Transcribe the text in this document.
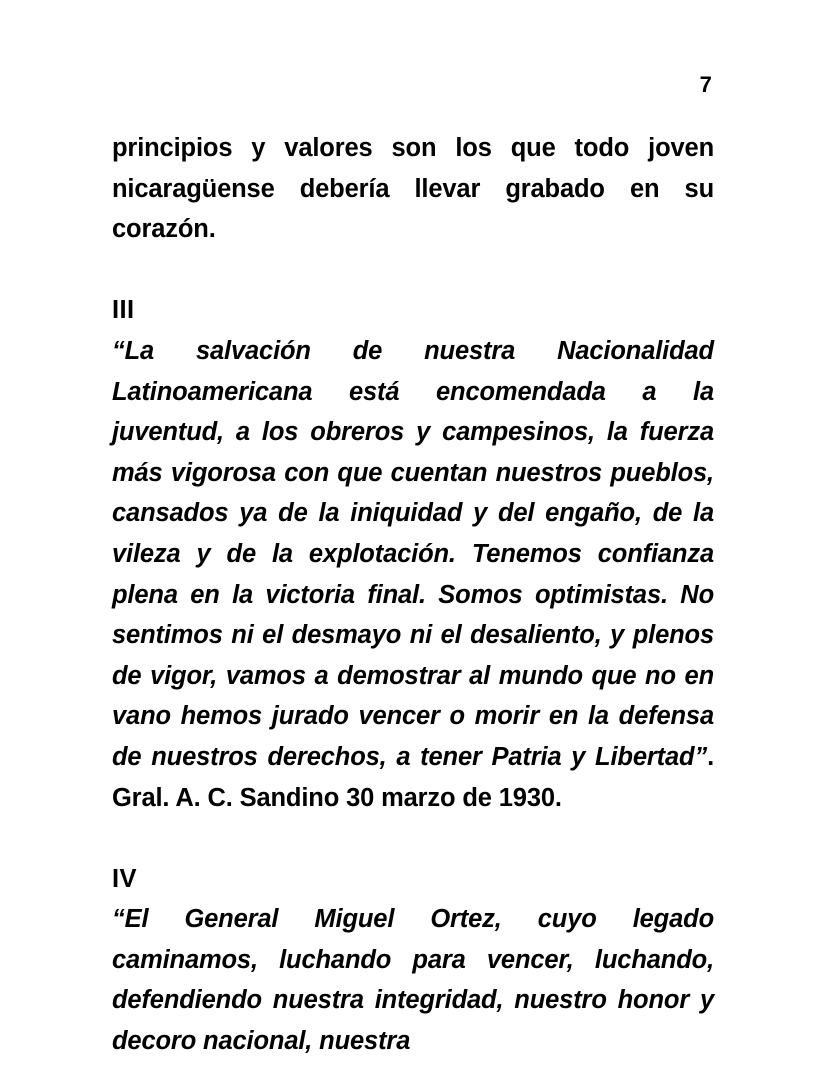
7

principios y valores son los que todo joven nicaragüense debería llevar grabado en su corazón.

III

“La salvación de nuestra Nacionalidad Latinoamericana está encomendada a la juventud, a los obreros y campesinos, la fuerza más vigorosa con que cuentan nuestros pueblos, cansados ya de la iniquidad y del engaño, de la vileza y de la explotación. Tenemos confianza plena en la victoria final. Somos optimistas. No sentimos ni el desmayo ni el desaliento, y plenos de vigor, vamos a demostrar al mundo que no en vano hemos jurado vencer o morir en la defensa de nuestros derechos, a tener Patria y Libertad”. Gral. A. C. Sandino 30 marzo de 1930.

IV

“El General Miguel Ortez, cuyo legado caminamos, luchando para vencer, luchando, defendiendo nuestra integridad, nuestro honor y decoro nacional, nuestra
